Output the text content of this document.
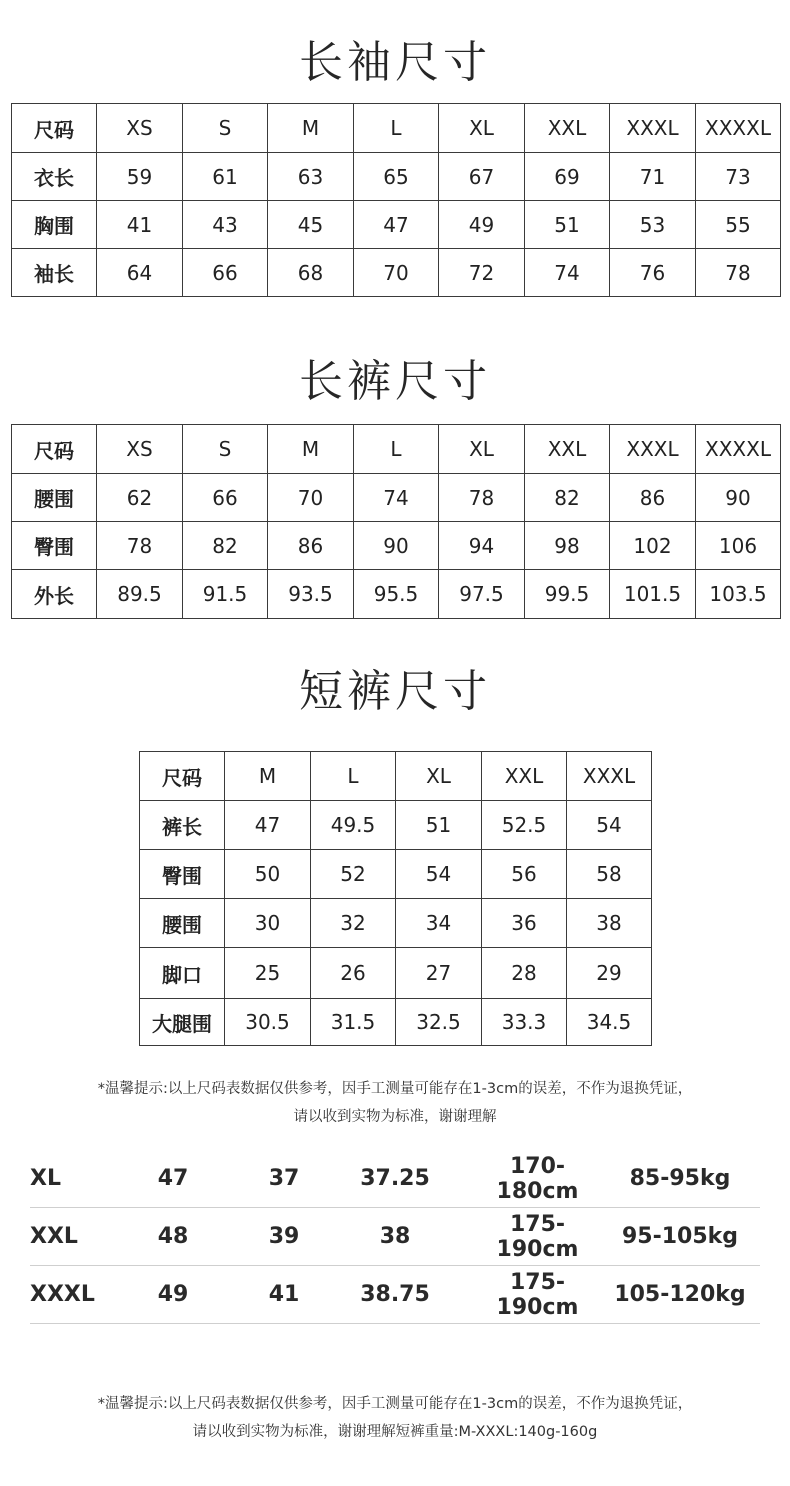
长袖尺寸
尺码	XS	S	M	L	XL	XXL	XXXL	XXXXL
衣长	59	61	63	65	67	69	71	73
胸围	41	43	45	47	49	51	53	55
袖长	64	66	68	70	72	74	76	78
长裤尺寸
尺码	XS	S	M	L	XL	XXL	XXXL	XXXXL
腰围	62	66	70	74	78	82	86	90
臀围	78	82	86	90	94	98	102	106
外长	89.5	91.5	93.5	95.5	97.5	99.5	101.5	103.5
短裤尺寸
尺码	M	L	XL	XXL	XXXL
裤长	47	49.5	51	52.5	54
臀围	50	52	54	56	58
腰围	30	32	34	36	38
脚口	25	26	27	28	29
大腿围	30.5	31.5	32.5	33.3	34.5
*温馨提示:以上尺码表数据仅供参考，因手工测量可能存在1-3cm的误差，不作为退换凭证，
请以收到实物为标准，谢谢理解
XL	47	37	37.25	170-180cm	85-95kg
XXL	48	39	38	175-190cm	95-105kg
XXXL	49	41	38.75	175-190cm	105-120kg
*温馨提示:以上尺码表数据仅供参考，因手工测量可能存在1-3cm的误差，不作为退换凭证，
请以收到实物为标准，谢谢理解短裤重量:M-XXXL:140g-160g
